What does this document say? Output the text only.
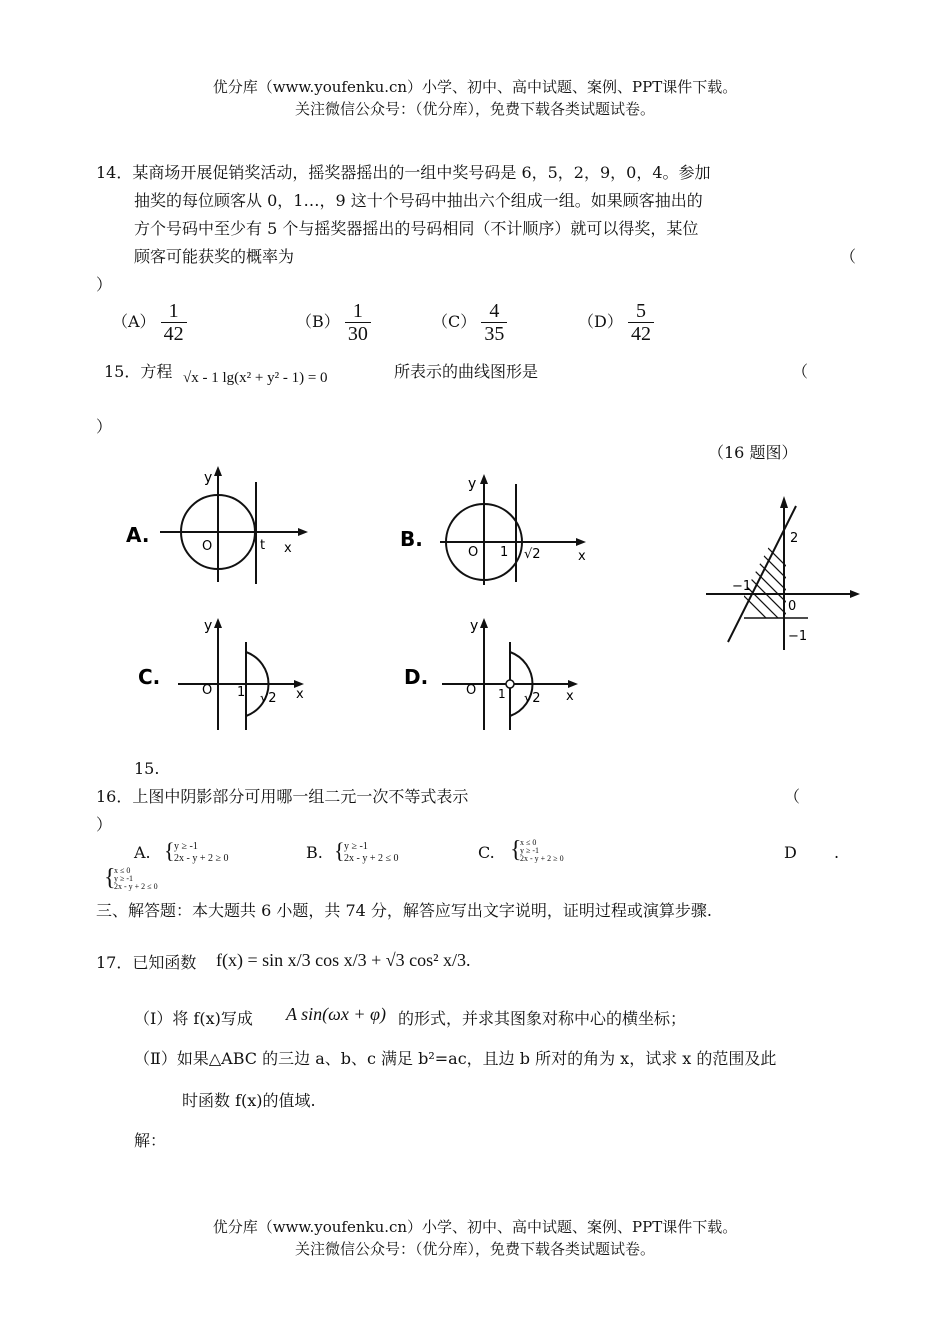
优分库（www.youfenku.cn）小学、初中、高中试题、案例、PPT课件下载。
关注微信公众号：（优分库），免费下载各类试题试卷。
14．某商场开展促销奖活动，摇奖器摇出的一组中奖号码是 6，5，2，9，0，4。参加
抽奖的每位顾客从 0，1…，9 这十个号码中抽出六个组成一组。如果顾客抽出的
方个号码中至少有 5 个与摇奖器摇出的号码相同（不计顺序）就可以得奖，某位
顾客可能获奖的概率为	（
）
$(A) \frac{1}{42}$	$(B) \frac{1}{30}$	$(C) \frac{4}{35}$	$(D) \frac{5}{42}$
15．方程 √x - 1 lg(x² + y² - 1) = 0	所表示的曲线图形是	（
）
（16 题图）
A.
y
O	t x	B.
y
O 1 √2	x
C.
y
O 1 √2 x
D.
y
O 1 √2 x
2
−1
0
−1
15.
16．上图中阴影部分可用哪一组二元一次不等式表示	（
）
A. { y ≥ -1
2x - y + 2 ≥ 0	B. { y ≥ -1
2x - y + 2 ≤ 0	C. {
x ≤ 0
y ≥ -1
2x - y + 2 ≥ 0	D .
{
x ≤ 0
y ≥ -1
2x - y + 2 ≤ 0
三、解答题：本大题共 6 小题，共 74 分，解答应写出文字说明，证明过程或演算步骤.
17．已知函数 f(x) = sin x/3 cos x/3 + √3 cos² x/3.
（Ⅰ）将 f(x)写成 A sin(ωx + φ) 的形式，并求其图象对称中心的横坐标；
（Ⅱ）如果△ABC 的三边 a、b、c 满足 b²=ac，且边 b 所对的角为 x，试求 x 的范围及此
时函数 f(x)的值域.
解：
优分库（www.youfenku.cn）小学、初中、高中试题、案例、PPT课件下载。
关注微信公众号：（优分库），免费下载各类试题试卷。
